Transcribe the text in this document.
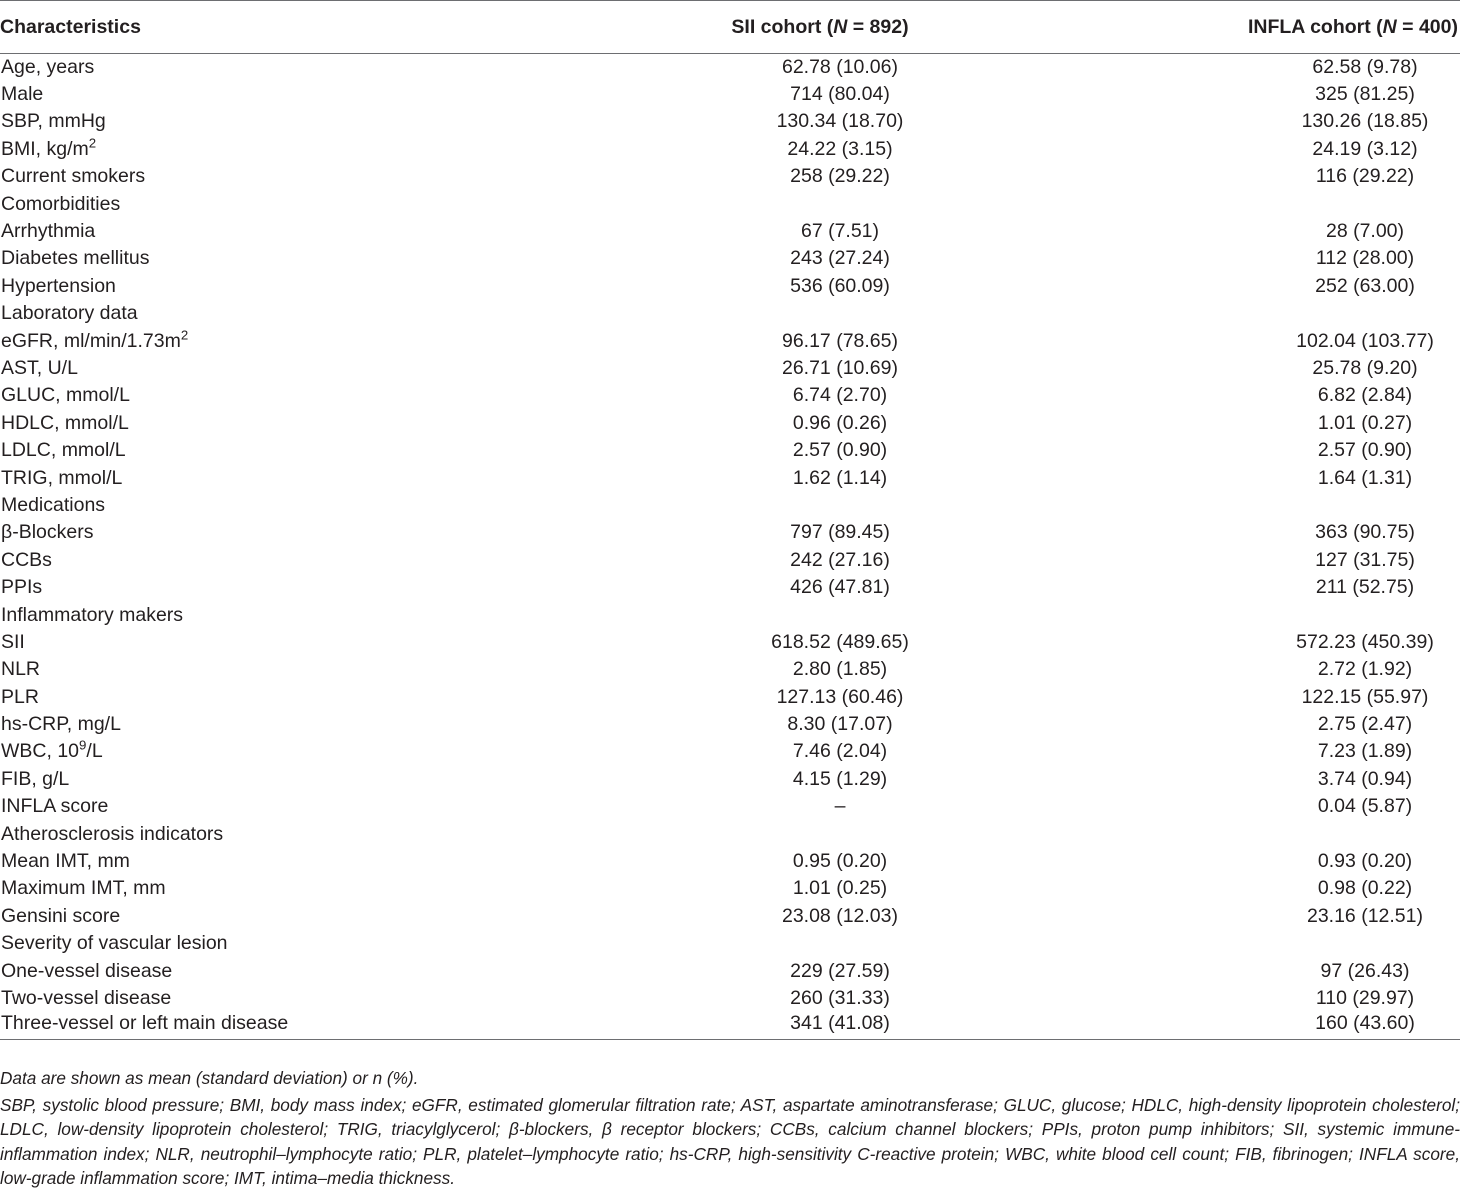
Characteristics	SII cohort (N = 892)	INFLA cohort (N = 400)
Age, years	62.78 (10.06)	62.58 (9.78)
Male	714 (80.04)	325 (81.25)
SBP, mmHg	130.34 (18.70)	130.26 (18.85)
BMI, $kg/m^2$	24.22 (3.15)	24.19 (3.12)
Current smokers	258 (29.22)	116 (29.22)
Comorbidities		
Arrhythmia	67 (7.51)	28 (7.00)
Diabetes mellitus	243 (27.24)	112 (28.00)
Hypertension	536 (60.09)	252 (63.00)
Laboratory data		
eGFR, $ml/\min/1.73m^2$	96.17 (78.65)	102.04 (103.77)
AST, U/L	26.71 (10.69)	25.78 (9.20)
GLUC, mmol/L	6.74 (2.70)	6.82 (2.84)
HDLC, mmol/L	0.96 (0.26)	1.01 (0.27)
LDLC, mmol/L	2.57 (0.90)	2.57 (0.90)
TRIG, mmol/L	1.62 (1.14)	1.64 (1.31)
Medications		
β-Blockers	797 (89.45)	363 (90.75)
CCBs	242 (27.16)	127 (31.75)
PPIs	426 (47.81)	211 (52.75)
Inflammatory makers		
SII	618.52 (489.65)	572.23 (450.39)
NLR	2.80 (1.85)	2.72 (1.92)
PLR	127.13 (60.46)	122.15 (55.97)
hs-CRP, mg/L	8.30 (17.07)	2.75 (2.47)
WBC, $10^9/L$	7.46 (2.04)	7.23 (1.89)
FIB, g/L	4.15 (1.29)	3.74 (0.94)
INFLA score	–	0.04 (5.87)
Atherosclerosis indicators		
Mean IMT, mm	0.95 (0.20)	0.93 (0.20)
Maximum IMT, mm	1.01 (0.25)	0.98 (0.22)
Gensini score	23.08 (12.03)	23.16 (12.51)
Severity of vascular lesion		
One-vessel disease	229 (27.59)	97 (26.43)
Two-vessel disease	260 (31.33)	110 (29.97)
Three-vessel or left main disease	341 (41.08)	160 (43.60)

Data are shown as mean (standard deviation) or n (%).

SBP, systolic blood pressure; BMI, body mass index; eGFR, estimated glomerular filtration rate; AST, aspartate aminotransferase; GLUC, glucose; HDLC, high-density lipoprotein cholesterol; LDLC, low-density lipoprotein cholesterol; TRIG, triacylglycerol; β-blockers, β receptor blockers; CCBs, calcium channel blockers; PPIs, proton pump inhibitors; SII, systemic immune-inflammation index; NLR, neutrophil–lymphocyte ratio; PLR, platelet–lymphocyte ratio; hs-CRP, high-sensitivity C-reactive protein; WBC, white blood cell count; FIB, fibrinogen; INFLA score, low-grade inflammation score; IMT, intima–media thickness.
